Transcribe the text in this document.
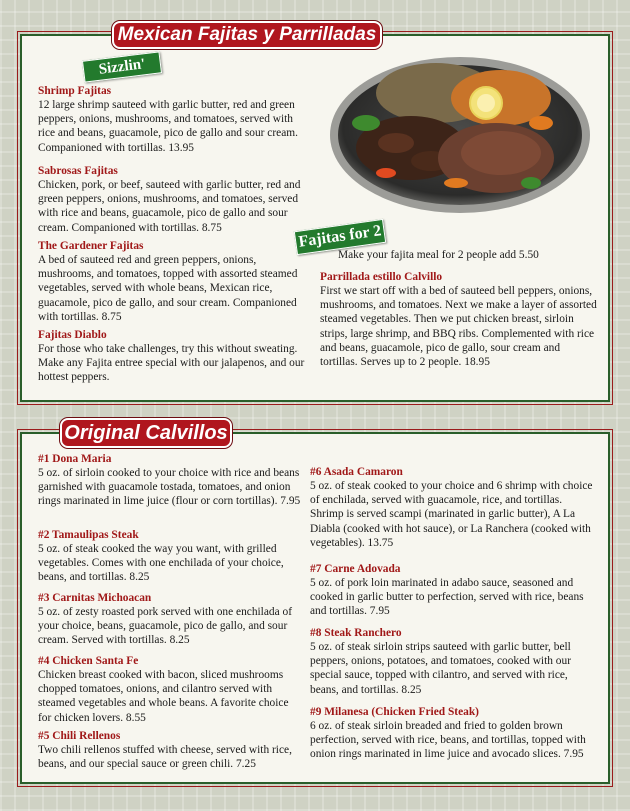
Mexican Fajitas y Parrilladas
Sizzlin'
Shrimp Fajitas
12 large shrimp sauteed with garlic butter, red and green peppers, onions, mushrooms, and tomatoes, served with rice and beans, guacamole, pico de gallo and sour cream. Companioned with tortillas. 13.95
Sabrosas Fajitas
Chicken, pork, or beef, sauteed with garlic butter, red and green peppers, onions, mushrooms, and tomatoes, served with rice and beans, guacamole, pico de gallo and sour cream. Companioned with tortillas. 8.75
The Gardener Fajitas
A bed of sauteed red and green peppers, onions, mushrooms, and tomatoes, topped with assorted steamed vegetables, served with whole beans, Mexican rice, guacamole, pico de gallo, and sour cream. Companioned with tortillas. 8.75
Fajitas Diablo
For those who take challenges, try this without sweating. Make any Fajita entree special with our jalapenos, and our hottest peppers.
Fajitas for 2
Make your fajita meal for 2 people add 5.50
Parrillada estillo Calvillo
First we start off with a bed of sauteed bell peppers, onions, mushrooms, and tomatoes. Next we make a layer of assorted steamed vegetables. Then we put chicken breast, sirloin strips, large shrimp, and BBQ ribs. Complemented with rice and beans, guacamole, pico de gallo, sour cream and tortillas. Serves up to 2 people. 18.95
Original Calvillos
#1 Dona Maria
5 oz. of sirloin cooked to your choice with rice and beans garnished with guacamole tostada, tomatoes, and onion rings marinated in lime juice (flour or corn tortillas). 7.95
#2 Tamaulipas Steak
5 oz. of steak cooked the way you want, with grilled vegetables. Comes with one enchilada of your choice, beans, and tortillas. 8.25
#3 Carnitas Michoacan
5 oz. of zesty roasted pork served with one enchilada of your choice, beans, guacamole, pico de gallo, and sour cream. Served with tortillas. 8.25
#4 Chicken Santa Fe
Chicken breast cooked with bacon, sliced mushrooms chopped tomatoes, onions, and cilantro served with steamed vegetables and whole beans. A favorite choice for chicken lovers. 8.55
#5 Chili Rellenos
Two chili rellenos stuffed with cheese, served with rice, beans, and our special sauce or green chili. 7.25
#6 Asada Camaron
5 oz. of steak cooked to your choice and 6 shrimp with choice of enchilada, served with guacamole, rice, and tortillas. Shrimp is served scampi (marinated in garlic butter), A La Diabla (cooked with hot sauce), or La Ranchera (cooked with vegetables). 13.75
#7 Carne Adovada
5 oz. of pork loin marinated in adabo sauce, seasoned and cooked in garlic butter to perfection, served with rice, beans and tortillas. 7.95
#8 Steak Ranchero
5 oz. of steak sirloin strips sauteed with garlic butter, bell peppers, onions, potatoes, and tomatoes, cooked with our special sauce, topped with cilantro, and served with rice, beans, and tortillas. 8.25
#9 Milanesa (Chicken Fried Steak)
6 oz. of steak sirloin breaded and fried to golden brown perfection, served with rice, beans, and tortillas, topped with onion rings marinated in lime juice and avocado slices. 7.95
